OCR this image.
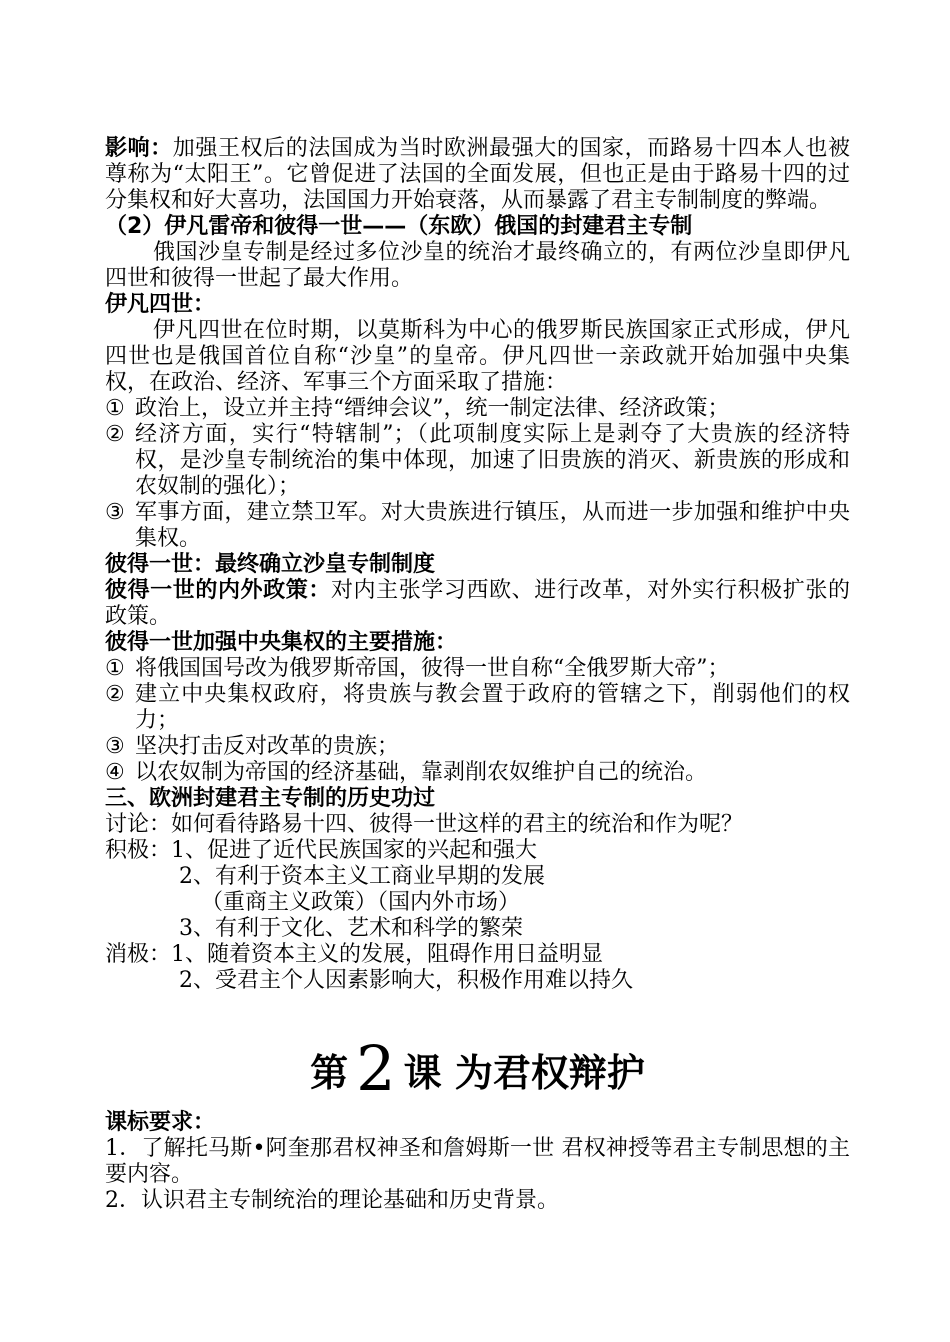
影响：加强王权后的法国成为当时欧洲最强大的国家，而路易十四本人也被尊称为“太阳王”。它曾促进了法国的全面发展，但也正是由于路易十四的过分集权和好大喜功，法国国力开始衰落，从而暴露了君主专制制度的弊端。

（2）伊凡雷帝和彼得一世——（东欧）俄国的封建君主专制

俄国沙皇专制是经过多位沙皇的统治才最终确立的，有两位沙皇即伊凡四世和彼得一世起了最大作用。

伊凡四世：

伊凡四世在位时期，以莫斯科为中心的俄罗斯民族国家正式形成，伊凡四世也是俄国首位自称“沙皇”的皇帝。伊凡四世一亲政就开始加强中央集权，在政治、经济、军事三个方面采取了措施：

① 政治上，设立并主持“缙绅会议”，统一制定法律、经济政策；
② 经济方面，实行“特辖制”；（此项制度实际上是剥夺了大贵族的经济特权，是沙皇专制统治的集中体现，加速了旧贵族的消灭、新贵族的形成和农奴制的强化）；
③ 军事方面，建立禁卫军。对大贵族进行镇压，从而进一步加强和维护中央集权。

彼得一世：最终确立沙皇专制制度

彼得一世的内外政策：对内主张学习西欧、进行改革，对外实行积极扩张的政策。

彼得一世加强中央集权的主要措施：

① 将俄国国号改为俄罗斯帝国，彼得一世自称“全俄罗斯大帝”；
② 建立中央集权政府，将贵族与教会置于政府的管辖之下，削弱他们的权力；
③ 坚决打击反对改革的贵族；
④ 以农奴制为帝国的经济基础，靠剥削农奴维护自己的统治。

三、欧洲封建君主专制的历史功过

讨论：如何看待路易十四、彼得一世这样的君主的统治和作为呢？

积极：1、促进了近代民族国家的兴起和强大

2、有利于资本主义工商业早期的发展

（重商主义政策）（国内外市场）

3、有利于文化、艺术和科学的繁荣

消极：1、随着资本主义的发展，阻碍作用日益明显

2、受君主个人因素影响大，积极作用难以持久

第 2 课 为君权辩护

课标要求：

1．了解托马斯•阿奎那君权神圣和詹姆斯一世 君权神授等君主专制思想的主要内容。

2．认识君主专制统治的理论基础和历史背景。
